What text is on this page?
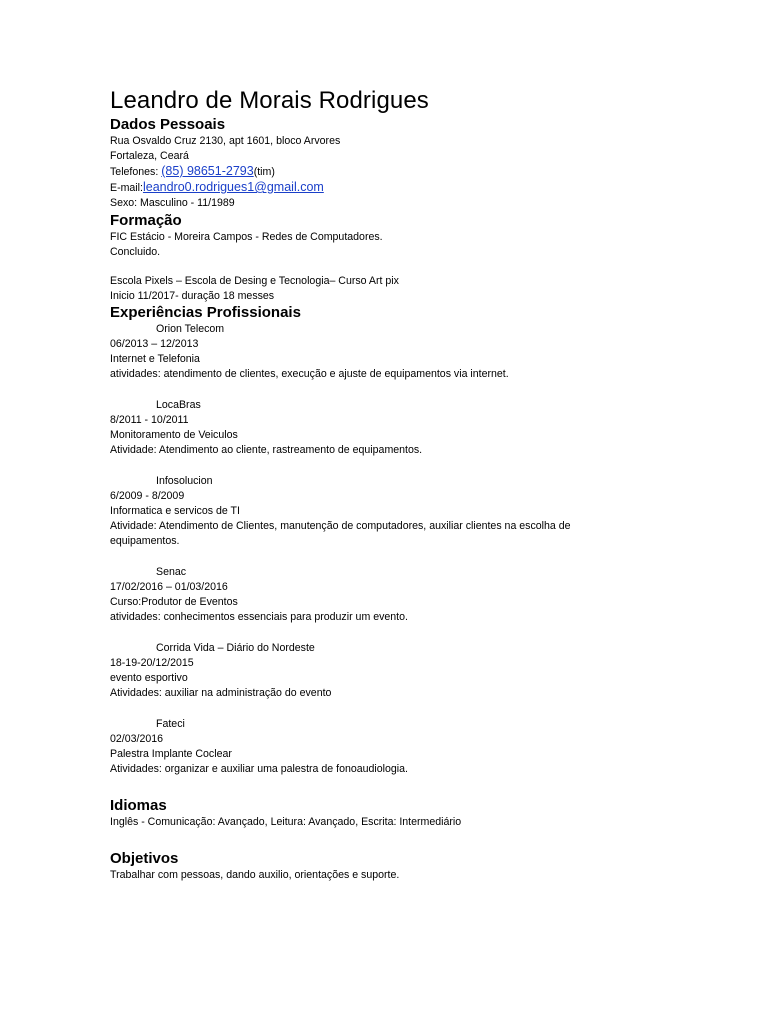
Leandro de Morais Rodrigues
Dados Pessoais
Rua Osvaldo Cruz 2130, apt 1601, bloco Arvores
Fortaleza, Ceará
Telefones: (85) 98651-2793(tim)
E-mail:leandro0.rodrigues1@gmail.com
Sexo: Masculino - 11/1989
Formação
FIC Estácio - Moreira Campos - Redes de Computadores.
Concluido.
Escola Pixels – Escola de Desing e Tecnologia– Curso Art pix
Inicio 11/2017- duração 18 messes
Experiências Profissionais
Orion Telecom
06/2013 – 12/2013
Internet e Telefonia
atividades: atendimento de clientes, execução e ajuste de equipamentos via internet.
LocaBras
8/2011 - 10/2011
Monitoramento de Veiculos
Atividade: Atendimento ao cliente, rastreamento de equipamentos.
Infosolucion
6/2009 - 8/2009
Informatica e servicos de TI
Atividade: Atendimento de Clientes, manutenção de computadores, auxiliar clientes na escolha de equipamentos.
Senac
17/02/2016 – 01/03/2016
Curso:Produtor de Eventos
atividades: conhecimentos essenciais para produzir um evento.
Corrida Vida – Diário do Nordeste
18-19-20/12/2015
evento esportivo
Atividades: auxiliar na administração do evento
Fateci
02/03/2016
Palestra Implante Coclear
Atividades: organizar e auxiliar uma palestra de fonoaudiologia.
Idiomas
Inglês - Comunicação: Avançado, Leitura: Avançado, Escrita: Intermediário
Objetivos
Trabalhar com pessoas, dando auxilio, orientações e suporte.
